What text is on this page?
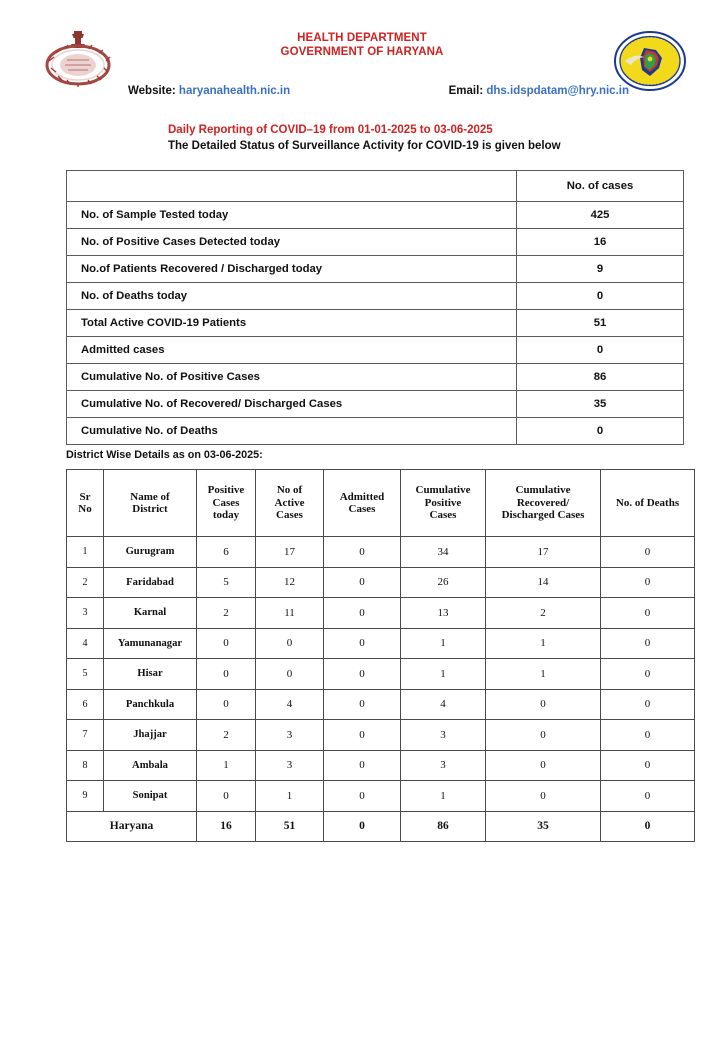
HEALTH DEPARTMENT
GOVERNMENT OF HARYANA
Website: haryanahealth.nic.in	Email: dhs.idspdatam@hry.nic.in
Daily Reporting of COVID–19 from 01-01-2025 to 03-06-2025
The Detailed Status of Surveillance Activity for COVID-19 is given below
	No. of cases
No. of Sample Tested today	425
No. of Positive Cases Detected today	16
No.of Patients Recovered / Discharged today	9
No. of Deaths today	0
Total Active COVID-19 Patients	51
Admitted cases	0
Cumulative No. of Positive Cases	86
Cumulative No. of Recovered/ Discharged Cases	35
Cumulative No. of Deaths	0
District Wise Details as on 03-06-2025:
Sr
No	Name of
District	Positive
Cases
today	No of
Active
Cases	Admitted
Cases	Cumulative
Positive
Cases	Cumulative
Recovered/
Discharged Cases	No. of Deaths
1	Gurugram	6	17	0	34	17	0
2	Faridabad	5	12	0	26	14	0
3	Karnal	2	11	0	13	2	0
4	Yamunanagar	0	0	0	1	1	0
5	Hisar	0	0	0	1	1	0
6	Panchkula	0	4	0	4	0	0
7	Jhajjar	2	3	0	3	0	0
8	Ambala	1	3	0	3	0	0
9	Sonipat	0	1	0	1	0	0
Haryana		16	51	0	86	35	0
